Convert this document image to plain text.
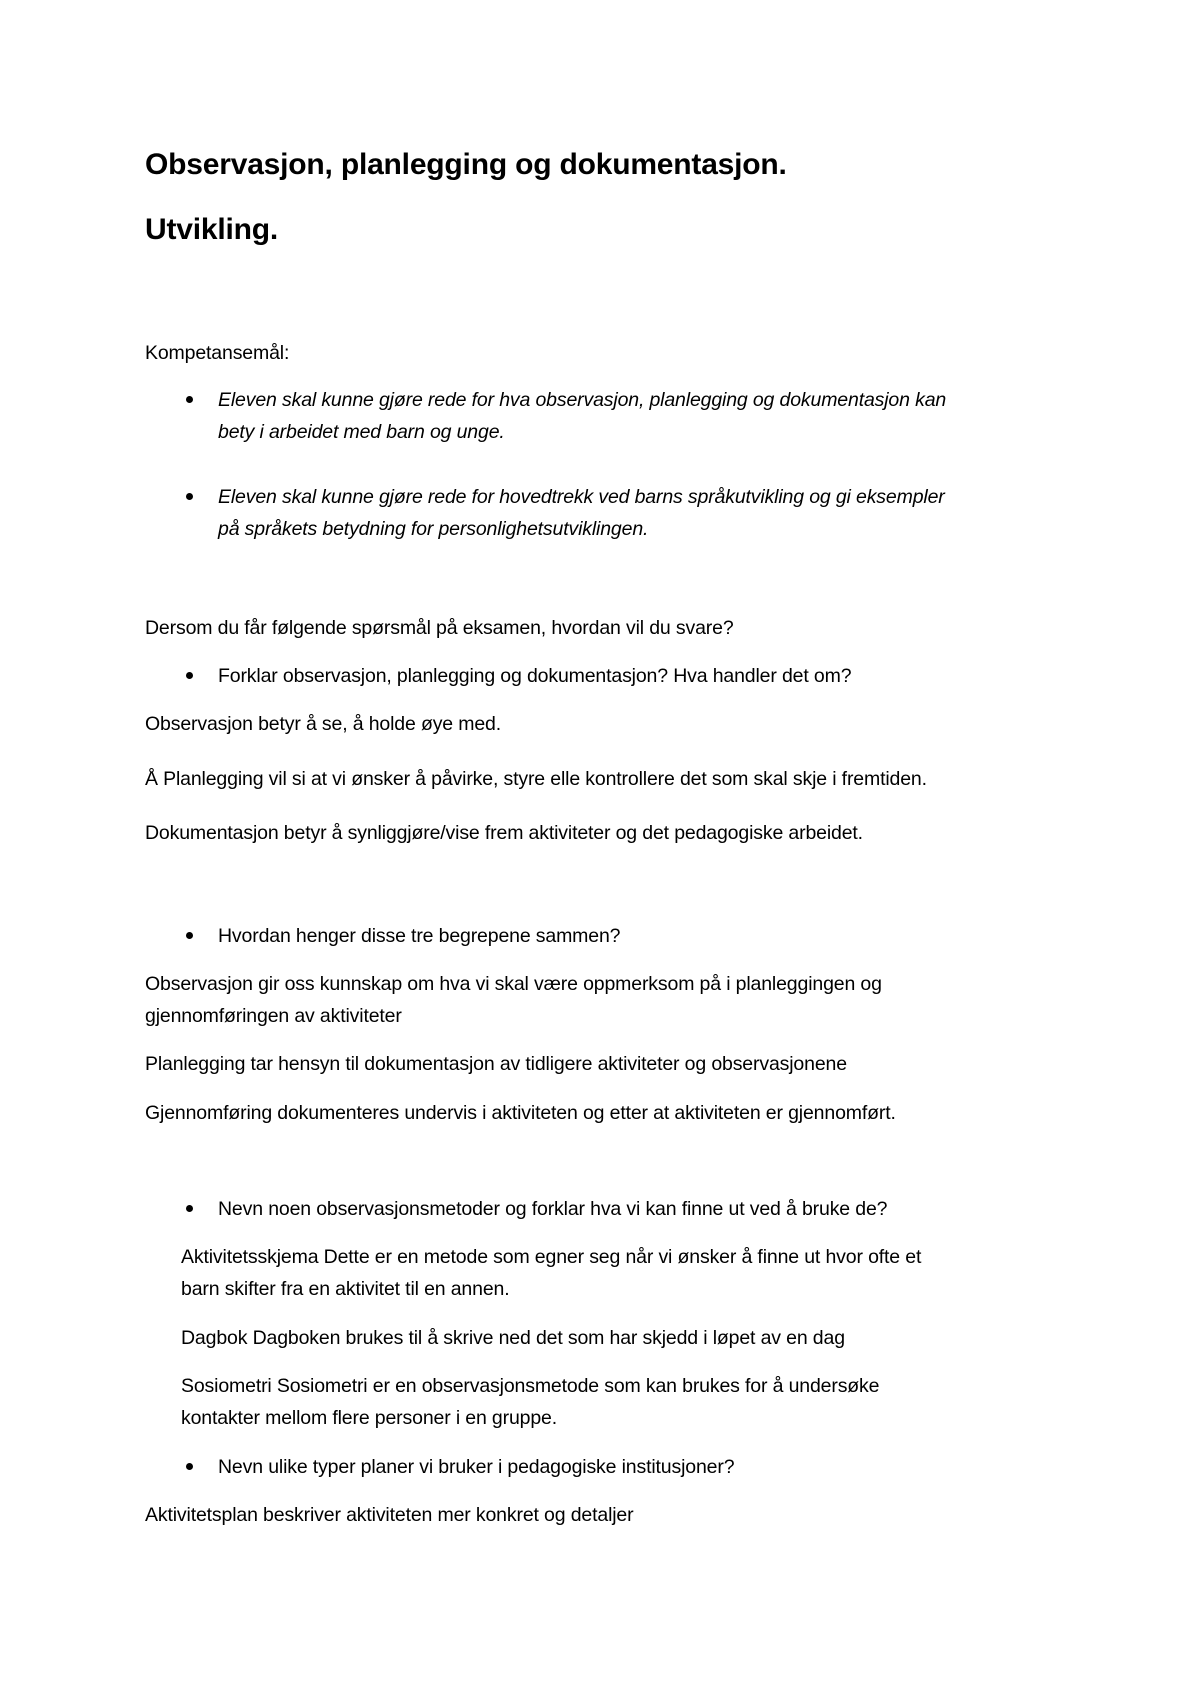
Observasjon, planlegging og dokumentasjon.
Utvikling.
Kompetansemål:
Eleven skal kunne gjøre rede for hva observasjon, planlegging og dokumentasjon kan
bety i arbeidet med barn og unge.
Eleven skal kunne gjøre rede for hovedtrekk ved barns språkutvikling og gi eksempler
på språkets betydning for personlighetsutviklingen.
Dersom du får følgende spørsmål på eksamen, hvordan vil du svare?
Forklar observasjon, planlegging og dokumentasjon? Hva handler det om?
Observasjon betyr å se, å holde øye med.
Å Planlegging vil si at vi ønsker å påvirke, styre elle kontrollere det som skal skje i fremtiden.
Dokumentasjon betyr å synliggjøre/vise frem aktiviteter og det pedagogiske arbeidet.
Hvordan henger disse tre begrepene sammen?
Observasjon gir oss kunnskap om hva vi skal være oppmerksom på i planleggingen og
gjennomføringen av aktiviteter
Planlegging tar hensyn til dokumentasjon av tidligere aktiviteter og observasjonene
Gjennomføring dokumenteres undervis i aktiviteten og etter at aktiviteten er gjennomført.
Nevn noen observasjonsmetoder og forklar hva vi kan finne ut ved å bruke de?
Aktivitetsskjema Dette er en metode som egner seg når vi ønsker å finne ut hvor ofte et
barn skifter fra en aktivitet til en annen.
Dagbok Dagboken brukes til å skrive ned det som har skjedd i løpet av en dag
Sosiometri Sosiometri er en observasjonsmetode som kan brukes for å undersøke
kontakter mellom flere personer i en gruppe.
Nevn ulike typer planer vi bruker i pedagogiske institusjoner?
Aktivitetsplan beskriver aktiviteten mer konkret og detaljer
